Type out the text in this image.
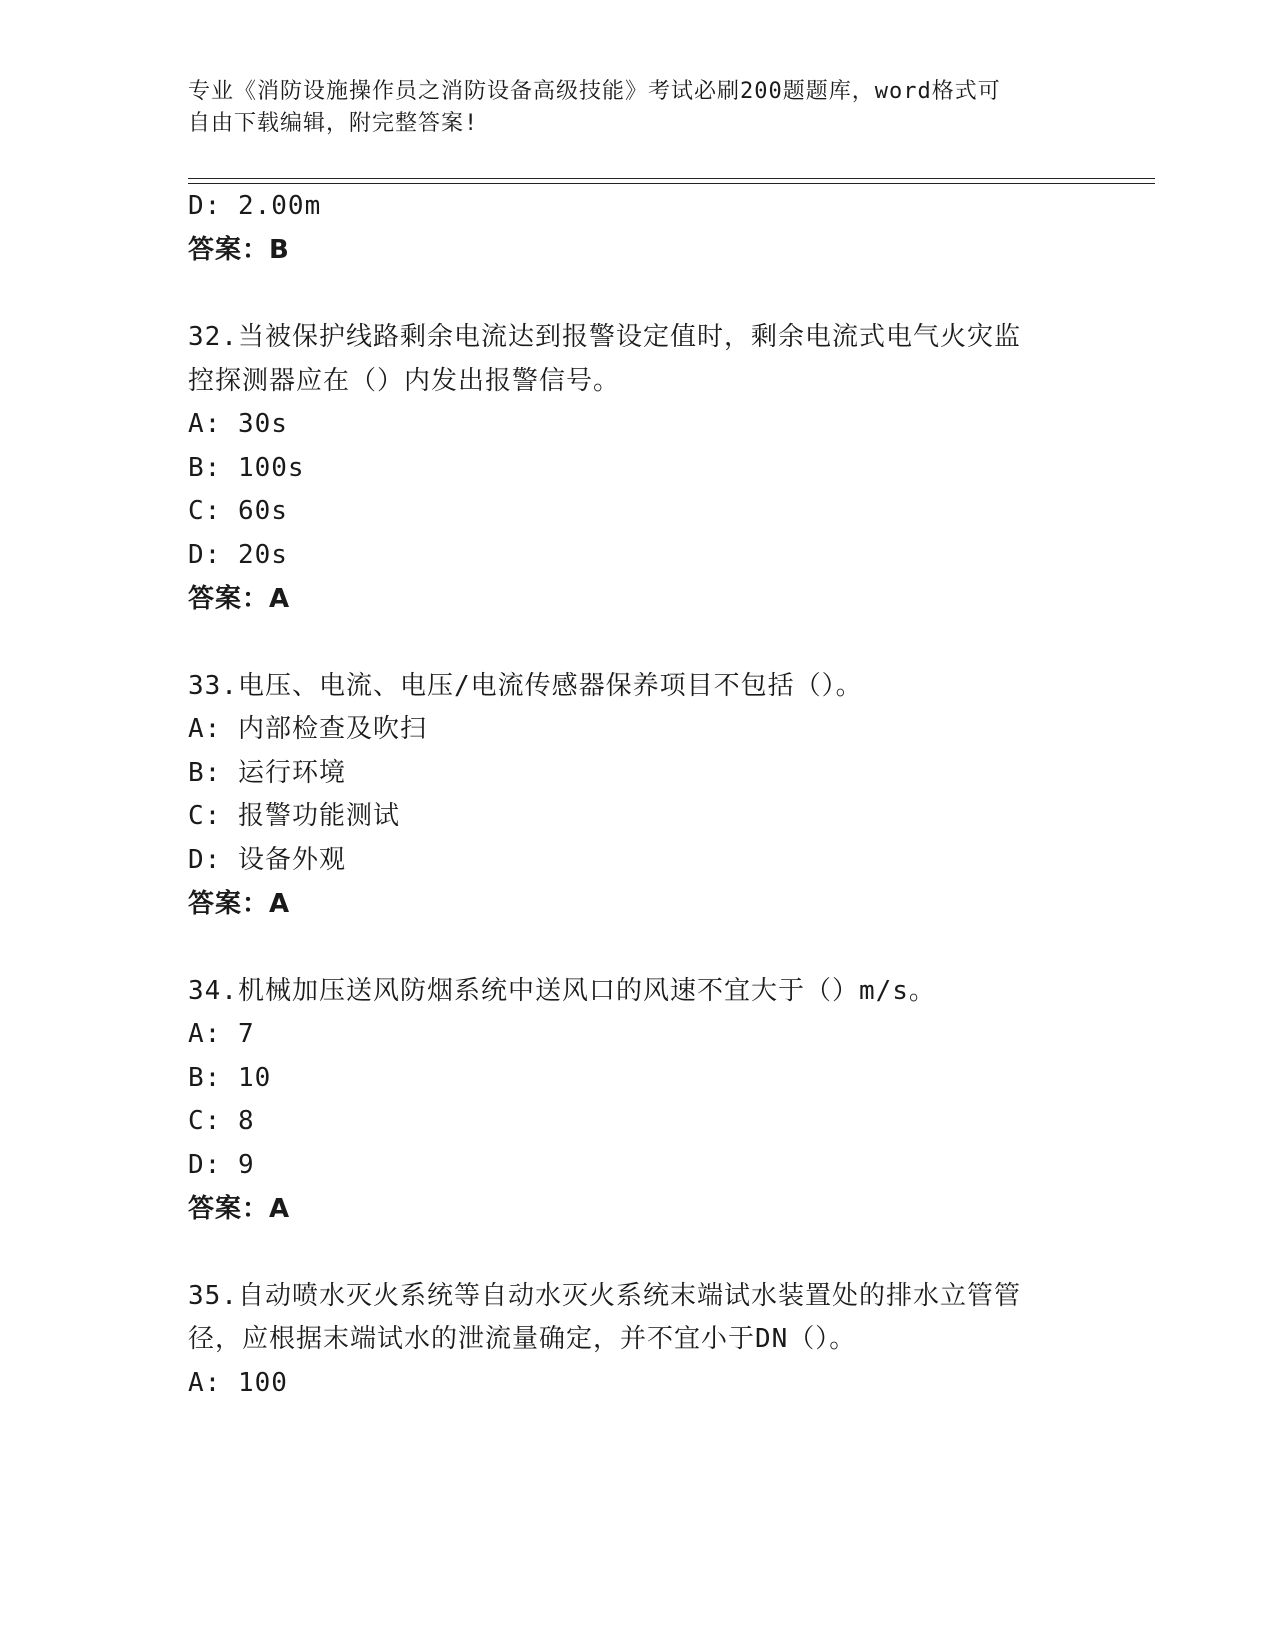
专业《消防设施操作员之消防设备高级技能》考试必刷200题题库，word格式可
自由下载编辑，附完整答案!
D: 2.00m
答案：B
32.当被保护线路剩余电流达到报警设定值时，剩余电流式电气火灾监
控探测器应在（）内发出报警信号。
A: 30s
B: 100s
C: 60s
D: 20s
答案：A
33.电压、电流、电压/电流传感器保养项目不包括（）。
A: 内部检查及吹扫
B: 运行环境
C: 报警功能测试
D: 设备外观
答案：A
34.机械加压送风防烟系统中送风口的风速不宜大于（）m/s。
A: 7
B: 10
C: 8
D: 9
答案：A
35.自动喷水灭火系统等自动水灭火系统末端试水装置处的排水立管管
径，应根据末端试水的泄流量确定，并不宜小于DN（）。
A: 100
